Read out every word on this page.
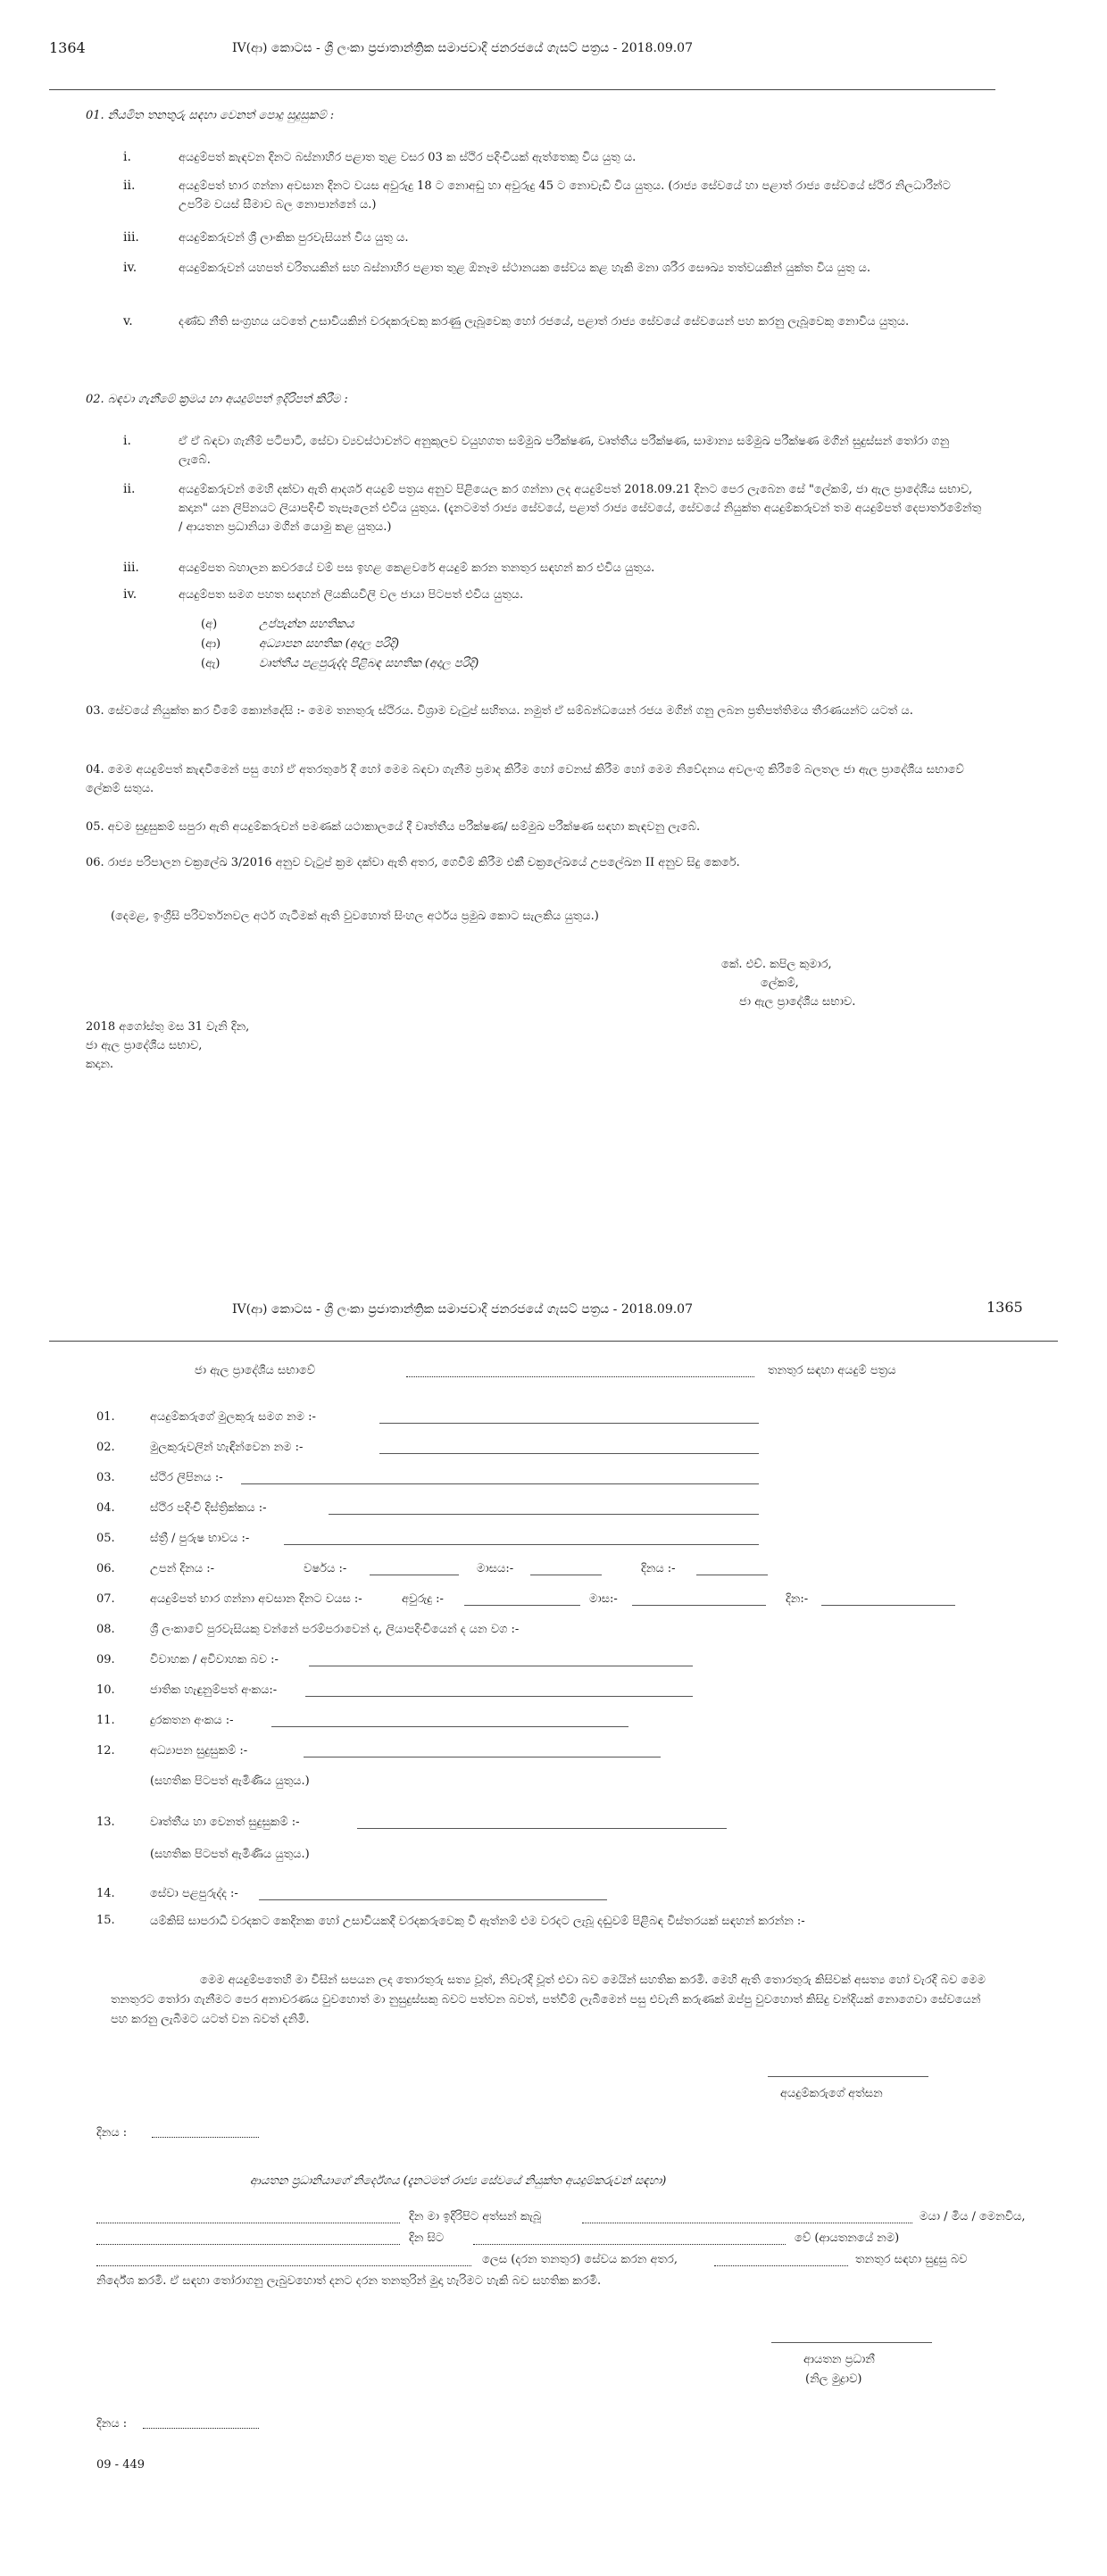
1364	IV(ආ) කොටස - ශ්‍රී ලංකා ප්‍රජාතාන්ත්‍රික සමාජවාදී ජනරජයේ ගැසට් පත්‍රය - 2018.09.07
01. නියමිත තනතුරු සඳහා වෙනත් පොදු සුදුසුකම් :
i.	අයදුම්පත් කැඳවන දිනට බස්නාහිර පළාත තුළ වසර 03 ක ස්ථිර පදිංචියක් ඇත්තෙකු විය යුතු ය.
ii.	අයදුම්පත් භාර ගන්නා අවසාන දිනට වයස අවුරුදු 18 ට නොඅඩු හා අවුරුදු 45 ට නොවැඩි විය යුතුය. (රාජ්‍ය සේවයේ හා පළාත් රාජ්‍ය සේවයේ ස්ථිර නිලධාරීන්ට උපරිම වයස් සීමාව බල නොපාන්නේ ය.)
iii.	අයදුම්කරුවන් ශ්‍රී ලාංකික පුරවැසියන් විය යුතු ය.
iv.	අයදුම්කරුවන් යහපත් චරිතයකින් සහ බස්නාහිර පළාත තුළ ඕනෑම ස්ථානයක සේවය කළ හැකි මනා ශරීර සෞඛ්‍ය තත්වයකින් යුක්ත විය යුතු ය.
v.	දණ්ඩ නීති සංග්‍රහය යටතේ උසාවියකින් වරදකරුවකු කරණු ලැබූවෙකු හෝ රජයේ, පළාත් රාජ්‍ය සේවයේ සේවයෙන් පහ කරනු ලැබූවෙකු නොවිය යුතුය.
02. බඳවා ගැනීමේ ක්‍රමය හා අයදුම්පත් ඉදිරිපත් කිරීම :
i.	ඒ ඒ බඳවා ගැනීම් පටිපාටි, සේවා ව්‍යවස්ථාවන්ට අනුකූලව වයුහගත සම්මුඛ පරීක්ෂණ, වෘත්තීය පරීක්ෂණ, සාමාන්‍ය සම්මුඛ පරීක්ෂණ මගින් සුදුස්සන් තෝරා ගනු ලැබේ.
ii.	අයදුම්කරුවන් මෙහි දක්වා ඇති ආදර්ශ අයදුම් පත්‍රය අනුව පිළියෙල කර ගන්නා ලද අයදුම්පත් 2018.09.21 දිනට පෙර ලැබෙන සේ "ලේකම්, ජා ඇල ප්‍රාදේශීය සභාව, කදාන" යන ලිපිනයට ලියාපදිංචි තැපෑලෙන් එවිය යුතුය. (දැනටමත් රාජ්‍ය සේවයේ, පළාත් රාජ්‍ය සේවයේ, සේවයේ නියුක්ත අයදුම්කරුවන් තම අයදුම්පත් දෙපාර්තමේන්තු / ආයතන ප්‍රධානියා මගින් යොමු කළ යුතුය.)
iii.	අයදුම්පත බහාලන කවරයේ වම් පස ඉහළ කෙළවරේ අයදුම් කරන තනතුර සඳහන් කර එවිය යුතුය.
iv.	අයදුම්පත සමග පහත සඳහන් ලියකියවිලි වල ජායා පිටපත් එවිය යුතුය.
(අ)	උප්පැන්න සහතිකය
(ආ)	අධ්‍යාපන සහතික (අදාල පරිදි)
(ඇ)	වෘත්තීය පළපුරුද්ද පිළිබඳ සහතික (අදාල පරිදි)
03. සේවයේ නියුක්ත කර වීමේ කොන්දේසි :- මෙම තනතුරු ස්ථිරය. විශ්‍රාම වැටුප් සහිතය. නමුත් ඒ සම්බන්ධයෙන් රජය මගින් ගනු ලබන ප්‍රතිපත්තිමය තීරණයන්ට යටත් ය.
04. මෙම අයදුම්පත් කැඳවීමෙන් පසු හෝ ඒ අතරතුරේ දී හෝ මෙම බඳවා ගැනීම ප්‍රමාද කිරීම හෝ වෙනස් කිරීම හෝ මෙම නිවේදනය අවලංගු කිරීමේ බලතල ජා ඇල ප්‍රාදේශීය සභාවේ ලේකම් සතුය.
05. අවම සුදුසුකම් සපුරා ඇති අයදුම්කරුවන් පමණක් යථාකාලයේ දී වෘත්තීය පරීක්ෂණ/ සම්මුඛ පරීක්ෂණ සඳහා කැඳවනු ලැබේ.
06. රාජ්‍ය පරිපාලන චක්‍රලේඛ 3/2016 අනුව වැටුප් ක්‍රම දක්වා ඇති අතර, ගෙවීම් කිරීම එකී චක්‍රලේඛයේ උපලේඛන II අනුව සිදු කෙරේ.
(දෙමළ, ඉංග්‍රීසි පරිවර්තනවල අර්ථ ගැටීමක් ඇති වුවහොත් සිංහල අර්ථය ප්‍රමුඛ කොට සැලකිය යුතුය.)
කේ. එච්. කපිල කුමාර,
ලේකම්,
ජා ඇල ප්‍රාදේශීය සභාව.
2018 අගෝස්තු මස 31 වැනි දින,
ජා ඇල ප්‍රාදේශීය සභාව,
කදාන.
IV(ආ) කොටස - ශ්‍රී ලංකා ප්‍රජාතාන්ත්‍රික සමාජවාදී ජනරජයේ ගැසට් පත්‍රය - 2018.09.07	1365
ජා ඇල ප්‍රාදේශීය සභාවේ	තනතුර සඳහා අයදුම් පත්‍රය
01.	අයදුම්කරුගේ මුලකුරු සමග නම :-
02.	මුලකුරුවලින් හැඳින්වෙන නම :-
03.	ස්ථිර ලිපිනය :-
04.	ස්ථිර පදිංචි දිස්ත්‍රික්කය :-
05.	ස්ත්‍රී / පුරුෂ භාවය :-
06.	උපන් දිනය :-	වර්ෂය :-	මාසය:-	දිනය :-
07.	අයදුම්පත් භාර ගන්නා අවසාන දිනට වයස :-	අවුරුදු :-	මාස:-	දින:-
08.	ශ්‍රී ලංකාවේ පුරවැසියකු වන්නේ පරම්පරාවෙන් ද, ලියාපදිංචියෙන් ද යන වග :-
09.	විවාහක / අවිවාහක බව :-
10.	ජාතික හැඳුනුම්පත් අංකය:-
11.	දුරකතන අංකය :-
12.	අධ්‍යාපන සුදුසුකම් :-
(සහතික පිටපත් ඇමිණිය යුතුය.)
13.	වෘත්තීය හා වෙනත් සුදුසුකම් :-
(සහතික පිටපත් ඇමිණිය යුතුය.)
14.	සේවා පළපුරුද්ද :-
15.	යම්කිසි සාපරාධී වරදකට කෙදිනක හෝ උසාවියකදී වරදකරුවෙකු වී ඇත්නම් එම වරදට ලැබූ දඬුවම් පිළිබඳ විස්තරයක් සඳහන් කරන්න :-
මෙම අයදුම්පතෙහි මා විසින් සපයන ලද තොරතුරු සත්‍ය වූත්, නිවැරදි වූත් එවා බව මෙයින් සහතික කරමි. මෙහි ඇති තොරතුරු කිසිවක් අසත්‍ය හෝ වැරදි බව මෙම තනතුරට තෝරා ගැනීමට පෙර අනාවරණය වුවහොත් මා නුසුදුස්සකු බවට පත්වන බවත්, පත්වීම් ලැබීමෙන් පසු එවැනි කරුණක් ඔප්පු වුවහොත් කිසිදු වන්දියක් නොගෙවා සේවයෙන් පහ කරනු ලැබීමට යටත් වන බවත් දනිමි.
අයදුම්කරුගේ අත්සන
දිනය :
ආයතන ප්‍රධානියාගේ නිර්දේශය (දැනටමත් රාජ්‍ය සේවයේ නියුක්ත අයදුම්කරුවන් සඳහා)
දින මා ඉදිරිපිට අත්සන් කැබූ	මයා / මිය / මෙනවිය,
දින සිට	වේ (ආයතනයේ නම)
ලෙස (දරන තනතුර) සේවය කරන අතර,	තනතුර සඳහා සුදුසු බව
නිර්දේශ කරමි. ඒ සඳහා තෝරාගනු ලැබුවහොත් දනට දරන තනතුරින් මුදා හැරිමට හැකි බව සහතික කරමි.
ආයතන ප්‍රධානී
(නිල මුද්‍රාව)
දිනය :
09 - 449
